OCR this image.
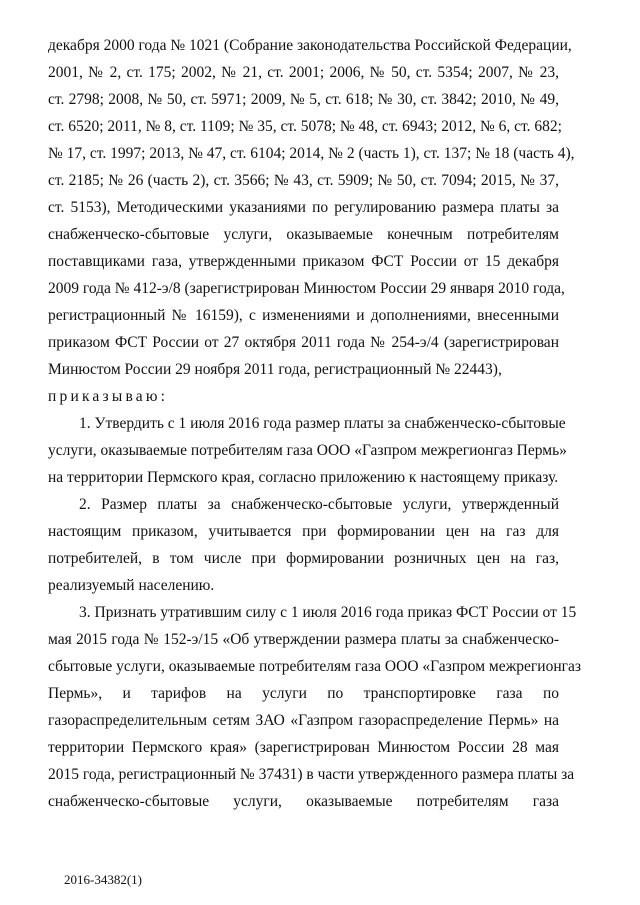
декабря 2000 года № 1021 (Собрание законодательства Российской Федерации,
2001, № 2, ст. 175; 2002, № 21, ст. 2001; 2006, № 50, ст. 5354; 2007, № 23,
ст. 2798; 2008, № 50, ст. 5971; 2009, № 5, ст. 618; № 30, ст. 3842; 2010, № 49,
ст. 6520; 2011, № 8, ст. 1109; № 35, ст. 5078; № 48, ст. 6943; 2012, № 6, ст. 682;
№ 17, ст. 1997; 2013, № 47, ст. 6104; 2014, № 2 (часть 1), ст. 137; № 18 (часть 4),
ст. 2185; № 26 (часть 2), ст. 3566; № 43, ст. 5909; № 50, ст. 7094; 2015, № 37,
ст. 5153), Методическими указаниями по регулированию размера платы за
снабженческо-сбытовые услуги, оказываемые конечным потребителям
поставщиками газа, утвержденными приказом ФСТ России от 15 декабря
2009 года № 412-э/8 (зарегистрирован Минюстом России 29 января 2010 года,
регистрационный № 16159), с изменениями и дополнениями, внесенными
приказом ФСТ России от 27 октября 2011 года № 254-э/4 (зарегистрирован
Минюстом России 29 ноября 2011 года, регистрационный № 22443),
приказываю:
1. Утвердить с 1 июля 2016 года размер платы за снабженческо-сбытовые
услуги, оказываемые потребителям газа ООО «Газпром межрегионгаз Пермь»
на территории Пермского края, согласно приложению к настоящему приказу.
2. Размер платы за снабженческо-сбытовые услуги, утвержденный
настоящим приказом, учитывается при формировании цен на газ для
потребителей, в том числе при формировании розничных цен на газ,
реализуемый населению.
3. Признать утратившим силу с 1 июля 2016 года приказ ФСТ России от 15
мая 2015 года № 152-э/15 «Об утверждении размера платы за снабженческо-
сбытовые услуги, оказываемые потребителям газа ООО «Газпром межрегионгаз
Пермь», и тарифов на услуги по транспортировке газа по
газораспределительным сетям ЗАО «Газпром газораспределение Пермь» на
территории Пермского края» (зарегистрирован Минюстом России 28 мая
2015 года, регистрационный № 37431) в части утвержденного размера платы за
снабженческо-сбытовые услуги, оказываемые потребителям газа
2016-34382(1)
